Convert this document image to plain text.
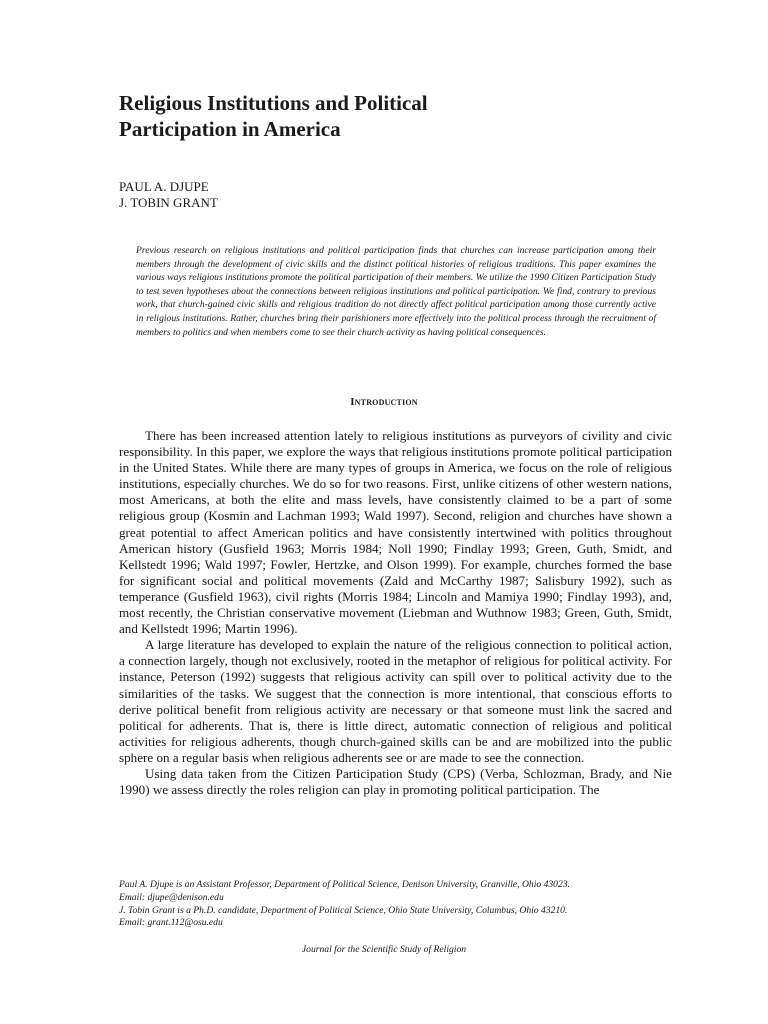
Religious Institutions and Political
Participation in America
PAUL A. DJUPE
J. TOBIN GRANT

Previous research on religious institutions and political participation finds that churches can increase participation among their members through the development of civic skills and the distinct political histories of religious traditions. This paper examines the various ways religious institutions promote the political participation of their members. We utilize the 1990 Citizen Participation Study to test seven hypotheses about the connections between religious institutions and political participation. We find, contrary to previous work, that church-gained civic skills and religious tradition do not directly affect political participation among those currently active in religious institutions. Rather, churches bring their parishioners more effectively into the political process through the recruitment of members to politics and when members come to see their church activity as having political consequences.

Introduction

There has been increased attention lately to religious institutions as purveyors of civility and civic responsibility. In this paper, we explore the ways that religious institutions promote political participation in the United States. While there are many types of groups in America, we focus on the role of religious institutions, especially churches. We do so for two reasons. First, unlike citizens of other western nations, most Americans, at both the elite and mass levels, have consistently claimed to be a part of some religious group (Kosmin and Lachman 1993; Wald 1997). Second, religion and churches have shown a great potential to affect American politics and have consistently intertwined with politics throughout American history (Gusfield 1963; Morris 1984; Noll 1990; Findlay 1993; Green, Guth, Smidt, and Kellstedt 1996; Wald 1997; Fowler, Hertzke, and Olson 1999). For example, churches formed the base for significant social and political movements (Zald and McCarthy 1987; Salisbury 1992), such as temperance (Gusfield 1963), civil rights (Morris 1984; Lincoln and Mamiya 1990; Findlay 1993), and, most recently, the Christian conservative movement (Liebman and Wuthnow 1983; Green, Guth, Smidt, and Kellstedt 1996; Martin 1996).

A large literature has developed to explain the nature of the religious connection to political action, a connection largely, though not exclusively, rooted in the metaphor of religious for political activity. For instance, Peterson (1992) suggests that religious activity can spill over to political activity due to the similarities of the tasks. We suggest that the connection is more intentional, that conscious efforts to derive political benefit from religious activity are necessary or that someone must link the sacred and political for adherents. That is, there is little direct, automatic connection of religious and political activities for religious adherents, though church-gained skills can be and are mobilized into the public sphere on a regular basis when religious adherents see or are made to see the connection.

Using data taken from the Citizen Participation Study (CPS) (Verba, Schlozman, Brady, and Nie 1990) we assess directly the roles religion can play in promoting political participation. The

Paul A. Djupe is an Assistant Professor, Department of Political Science, Denison University, Granville, Ohio 43023.
Email: djupe@denison.edu
J. Tobin Grant is a Ph.D. candidate, Department of Political Science, Ohio State University, Columbus, Ohio 43210.
Email: grant.112@osu.edu
Journal for the Scientific Study of Religion
